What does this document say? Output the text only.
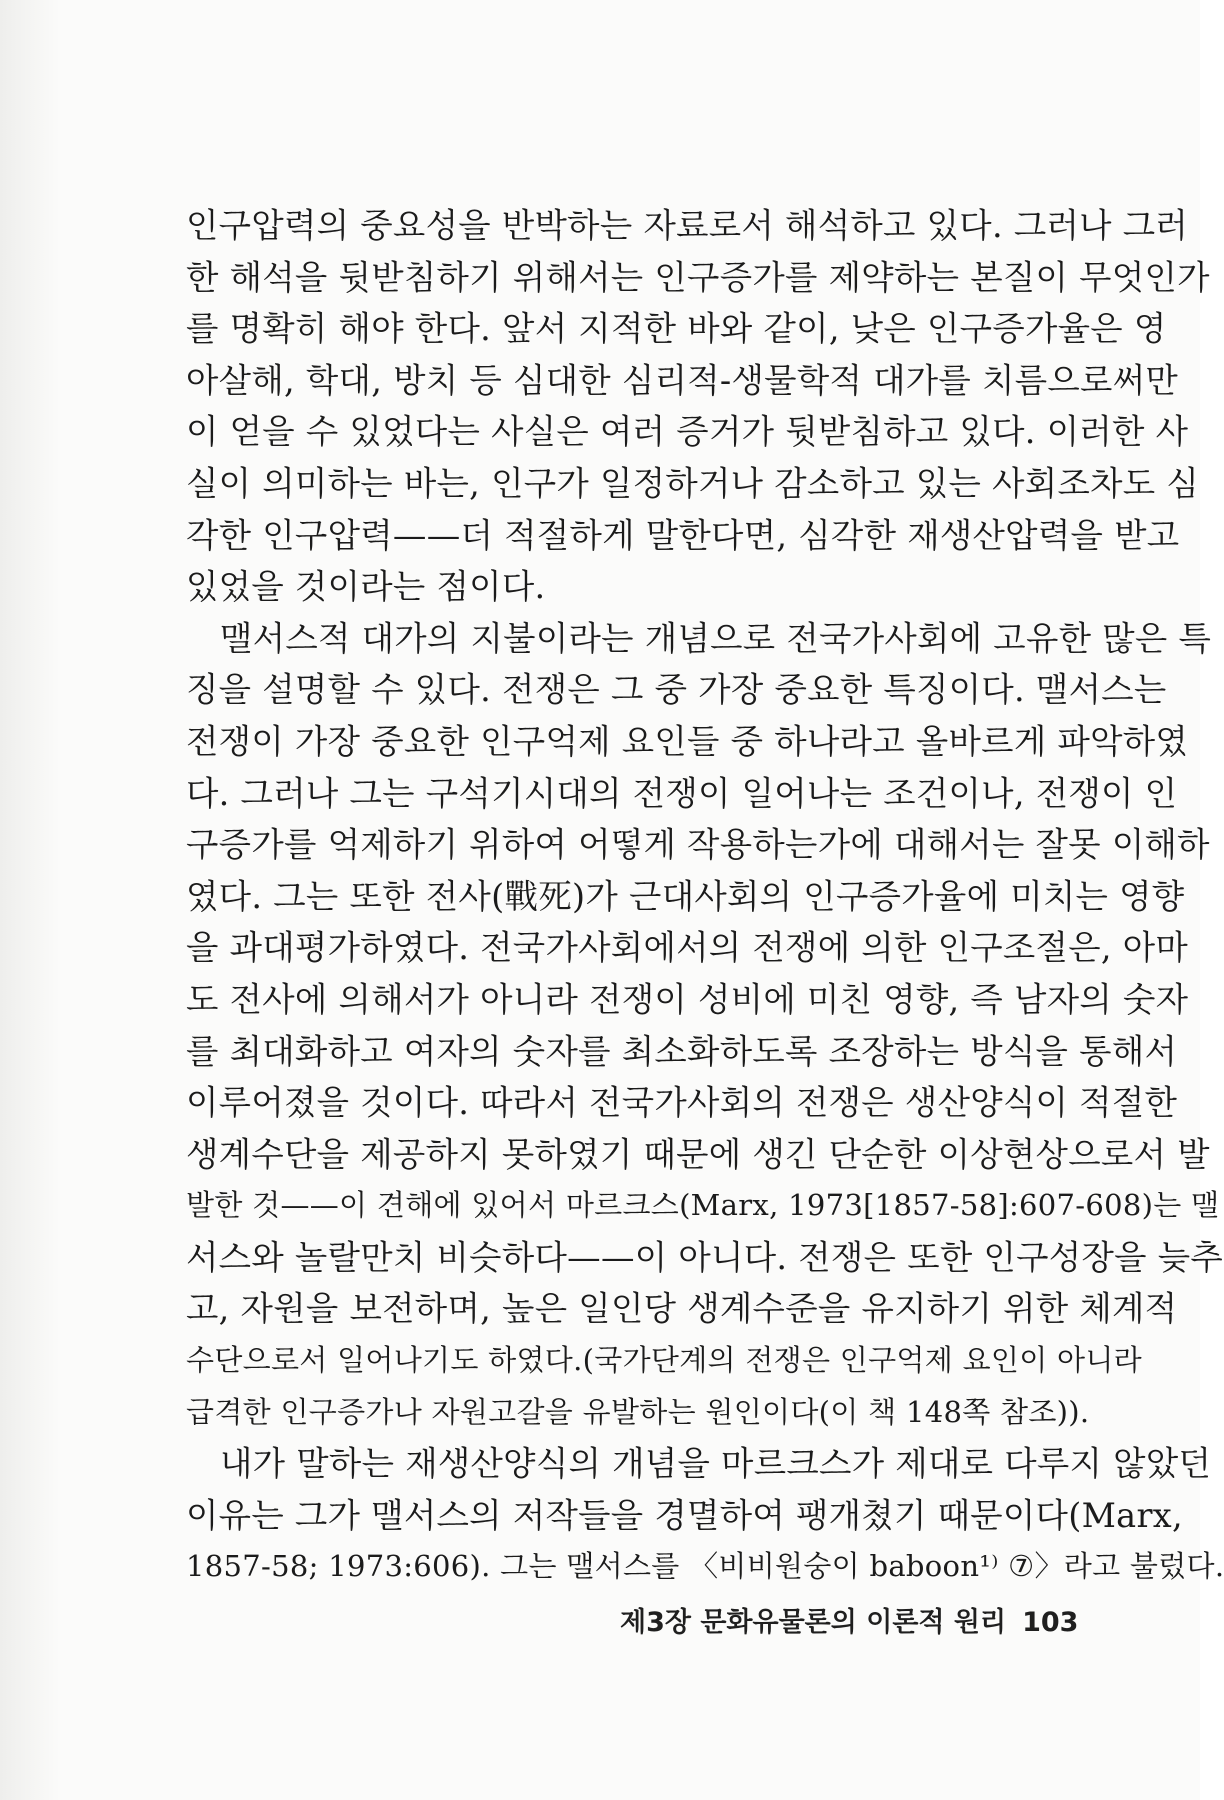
인구압력의 중요성을 반박하는 자료로서 해석하고 있다. 그러나 그러
한 해석을 뒷받침하기 위해서는 인구증가를 제약하는 본질이 무엇인가
를 명확히 해야 한다. 앞서 지적한 바와 같이, 낮은 인구증가율은 영
아살해, 학대, 방치 등 심대한 심리적-생물학적 대가를 치름으로써만
이 얻을 수 있었다는 사실은 여러 증거가 뒷받침하고 있다. 이러한 사
실이 의미하는 바는, 인구가 일정하거나 감소하고 있는 사회조차도 심
각한 인구압력——더 적절하게 말한다면, 심각한 재생산압력을 받고
있었을 것이라는 점이다.
맬서스적 대가의 지불이라는 개념으로 전국가사회에 고유한 많은 특
징을 설명할 수 있다. 전쟁은 그 중 가장 중요한 특징이다. 맬서스는
전쟁이 가장 중요한 인구억제 요인들 중 하나라고 올바르게 파악하였
다. 그러나 그는 구석기시대의 전쟁이 일어나는 조건이나, 전쟁이 인
구증가를 억제하기 위하여 어떻게 작용하는가에 대해서는 잘못 이해하
였다. 그는 또한 전사(戰死)가 근대사회의 인구증가율에 미치는 영향
을 과대평가하였다. 전국가사회에서의 전쟁에 의한 인구조절은, 아마
도 전사에 의해서가 아니라 전쟁이 성비에 미친 영향, 즉 남자의 숫자
를 최대화하고 여자의 숫자를 최소화하도록 조장하는 방식을 통해서
이루어졌을 것이다. 따라서 전국가사회의 전쟁은 생산양식이 적절한
생계수단을 제공하지 못하였기 때문에 생긴 단순한 이상현상으로서 발
발한 것——이 견해에 있어서 마르크스(Marx, 1973[1857-58]:607-608)는 맬
서스와 놀랄만치 비슷하다——이 아니다. 전쟁은 또한 인구성장을 늦추
고, 자원을 보전하며, 높은 일인당 생계수준을 유지하기 위한 체계적
수단으로서 일어나기도 하였다.(국가단계의 전쟁은 인구억제 요인이 아니라
급격한 인구증가나 자원고갈을 유발하는 원인이다(이 책 148쪽 참조)).
내가 말하는 재생산양식의 개념을 마르크스가 제대로 다루지 않았던
이유는 그가 맬서스의 저작들을 경멸하여 팽개쳤기 때문이다(Marx,
1857-58; 1973:606). 그는 맬서스를 〈비비원숭이 baboon¹⁾ ⑦〉라고 불렀다.
제3장 문화유물론의 이론적 원리 103
